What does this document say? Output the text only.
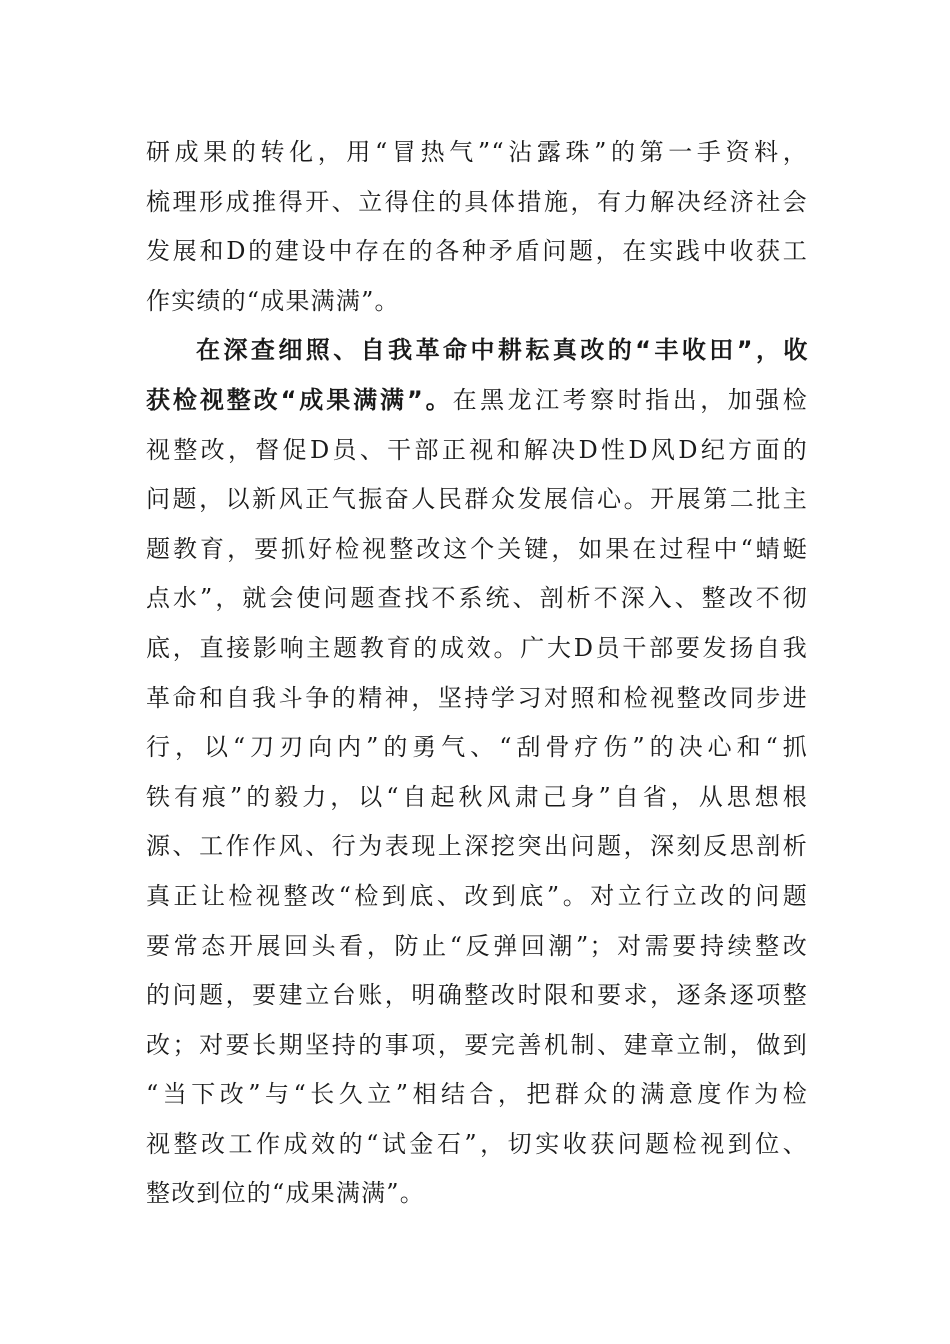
研成果的转化，用“冒热气”“沾露珠”的第一手资料，
梳理形成推得开、立得住的具体措施，有力解决经济社会
发展和D的建设中存在的各种矛盾问题，在实践中收获工
作实绩的“成果满满”。
在深查细照、自我革命中耕耘真改的“丰收田”，收
获检视整改“成果满满”。在黑龙江考察时指出，加强检
视整改，督促D员、干部正视和解决D性D风D纪方面的
问题，以新风正气振奋人民群众发展信心。开展第二批主
题教育，要抓好检视整改这个关键，如果在过程中“蜻蜓
点水”，就会使问题查找不系统、剖析不深入、整改不彻
底，直接影响主题教育的成效。广大D员干部要发扬自我
革命和自我斗争的精神，坚持学习对照和检视整改同步进
行，以“刀刃向内”的勇气、“刮骨疗伤”的决心和“抓
铁有痕”的毅力，以“自起秋风肃己身”自省，从思想根
源、工作作风、行为表现上深挖突出问题，深刻反思剖析
真正让检视整改“检到底、改到底”。对立行立改的问题
要常态开展回头看，防止“反弹回潮”；对需要持续整改
的问题，要建立台账，明确整改时限和要求，逐条逐项整
改；对要长期坚持的事项，要完善机制、建章立制，做到
“当下改”与“长久立”相结合，把群众的满意度作为检
视整改工作成效的“试金石”，切实收获问题检视到位、
整改到位的“成果满满”。
